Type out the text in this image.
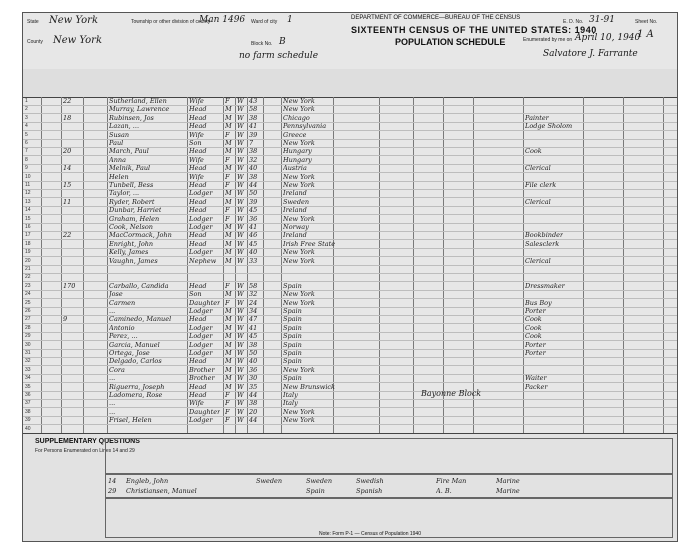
State New York
County New York
Township or other division of county
Man 1496 Ward of city 1
Block No. B
no farm schedule
DEPARTMENT OF COMMERCE—BUREAU OF THE CENSUS
SIXTEENTH CENSUS OF THE UNITED STATES: 1940
POPULATION SCHEDULE
E. D. No. 31-91	Sheet No.
1 A
Enumerated by me on April 10, 1940
Salvatore J. Farrante
1	22	Sutherland, Ellen	Wife	F W 43	New York
2	Murray, Lawrence	Head	M W 58	New York
3	18	Rubinsen, Jos	Head	M W 38	Chicago	Painter
4	Lazan, ...	Head	M W 41	Pennsylvania	Lodge Sholom
5	Susan	Wife	F W 39	Greece
6	Paul	Son	M W 7	New York
7	20	March, Paul	Head	M W 38	Hungary	Cook
8	Anna	Wife	F W 32	Hungary
9	14	Melnik, Paul	Head	M W 40	Austria	Clerical
10	Helen	Wife	F W 38	New York
11	15	Tunbell, Bess	Head	F W 44	New York	File clerk
12	Taylor, ...	Lodger M W 50	Ireland
13	11	Ryder, Robert	Head	M W 39	Sweden	Clerical
14	Dunbar, Harriet	Head	F W 45	Ireland
15	Graham, Helen	Lodger F W 36	New York
16	Cook, Nelson	Lodger M W 41	Norway
17	22	MacCormack, John	Head	M W 46	Ireland	Bookbinder
18	Enright, John	Head	M W 45	Irish Free State	Salesclerk
19	Kelly, James	Lodger M W 40	New York
20	Vaughn, James	Nephew M W 33	New York	Clerical
21
22
23	170	Carballo, Candida	Head	F W 58	Spain	Dressmaker
24	Jose	Son	M W 32	New York
25	Carmen	Daughter F W 24	New York	Bus Boy
26	...	Lodger M W 34	Spain	Porter
27	9	Caminedo, Manuel	Head	M W 47	Spain	Cook
28	Antonio	Lodger M W 41	Spain	Cook
29	Perez, ...	Lodger M W 45	Spain	Cook
30	Garcia, Manuel	Lodger M W 38	Spain	Porter
31	Ortega, Jose	Lodger M W 50	Spain	Porter
32	Delgado, Carlos	Head	M W 40	Spain
33	Cora	Brother M W 36	New York
34	...	Brother M W 30	Spain	Waiter
35	Riguerra, Joseph	Head	M W 35	New Brunswick	Packer
36	Ladomera, Rose	Head	F W 44	Italy
37	...	Wife	F W 38	Italy
38	...	Daughter F W 20	New York
39	Frisel, Helen	Lodger F W 44	New York
40
Bayonne Block
SUPPLEMENTARY QUESTIONS
For Persons Enumerated on Lines 14 and 29
14 Engleb, John	Sweden	Sweden	Swedish	Fire Man	Marine
29 Christiansen, Manuel	Spain	Spanish	A. B.	Marine
Note: Form P-1 — Census of Population 1940
